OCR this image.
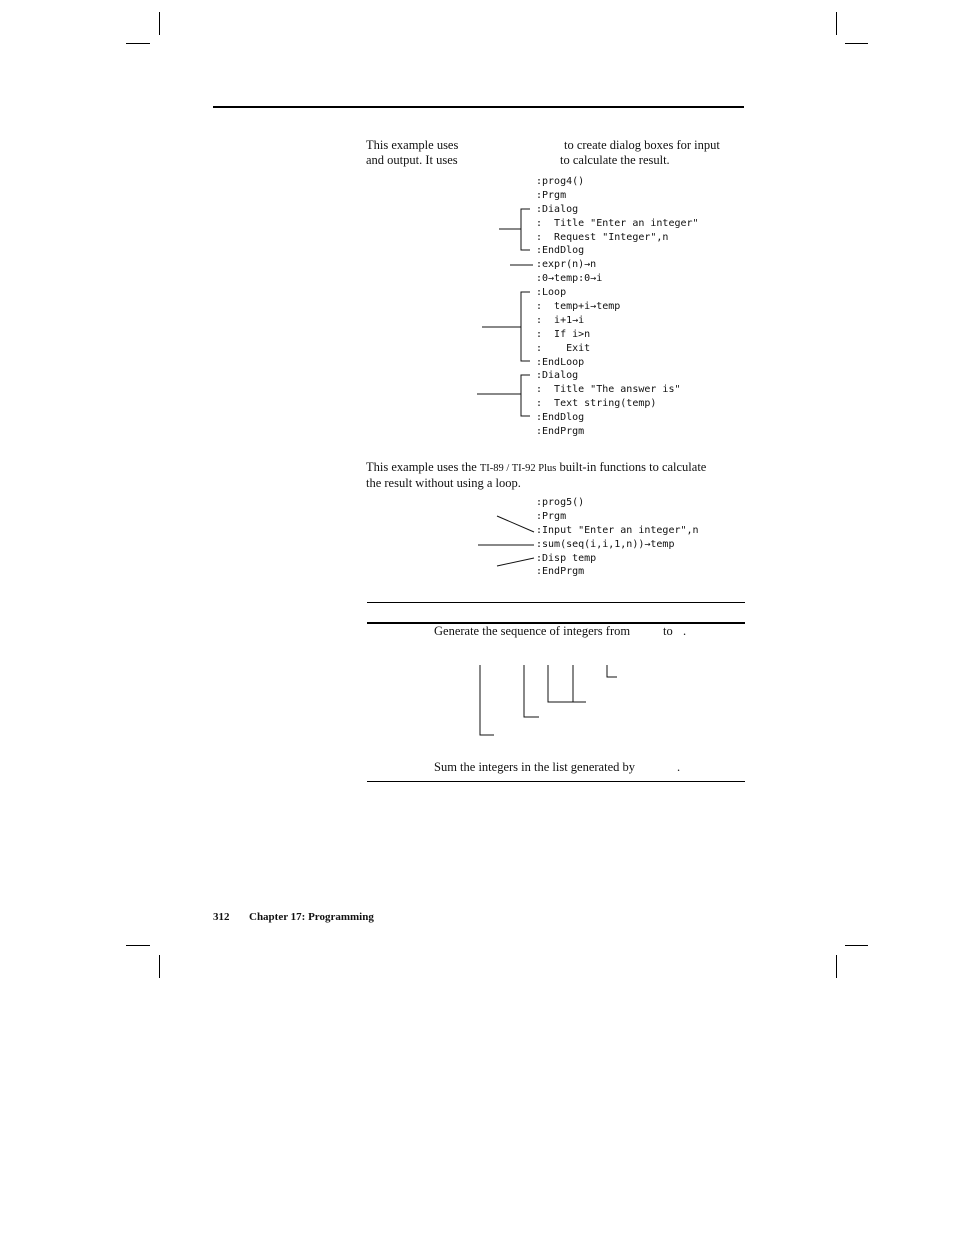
This example uses	to create dialog boxes for input
and output. It uses	to calculate the result.
:prog4()
:Prgm
:Dialog
:  Title "Enter an integer"
:  Request "Integer",n
:EndDlog
:expr(n)→n
:0→temp:0→i
:Loop
:  temp+i→temp
:  i+1→i
:  If i>n
:    Exit
:EndLoop
:Dialog
:  Title "The answer is"
:  Text string(temp)
:EndDlog
:EndPrgm
This example uses the TI-89 / TI-92 Plus built-in functions to calculate
the result without using a loop.
:prog5()
:Prgm
:Input "Enter an integer",n
:sum(seq(i,i,1,n))→temp
:Disp temp
:EndPrgm
Generate the sequence of integers from	to .
Sum the integers in the list generated by	.
312 Chapter 17: Programming
